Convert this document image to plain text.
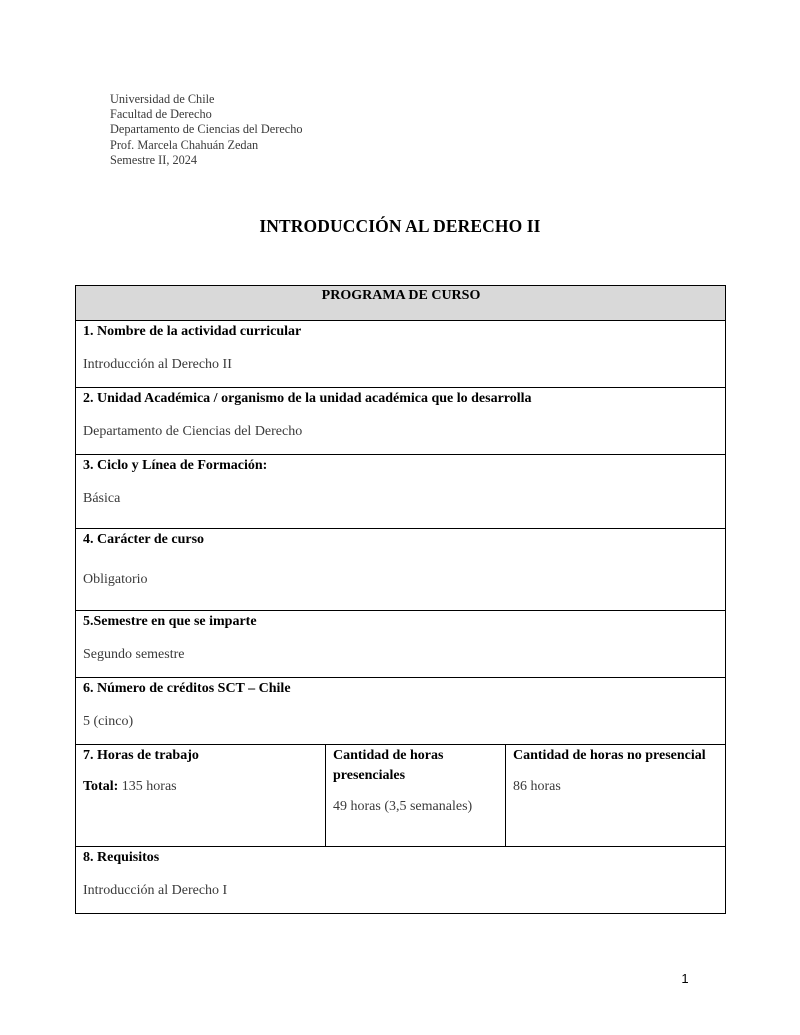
Universidad de Chile
Facultad de Derecho
Departamento de Ciencias del Derecho
Prof. Marcela Chahuán Zedan
Semestre II, 2024
INTRODUCCIÓN AL DERECHO II
PROGRAMA DE CURSO

1. Nombre de la actividad curricular
Introducción al Derecho II

2. Unidad Académica / organismo de la unidad académica que lo desarrolla
Departamento de Ciencias del Derecho

3. Ciclo y Línea de Formación:
Básica

4. Carácter de curso
Obligatorio

5.Semestre en que se imparte
Segundo semestre

6. Número de créditos SCT – Chile
5 (cinco)

7. Horas de trabajo
Total: 135 horas

Cantidad de horas presenciales
49 horas (3,5 semanales)

Cantidad de horas no presencial
86 horas

8. Requisitos
Introducción al Derecho I
1
